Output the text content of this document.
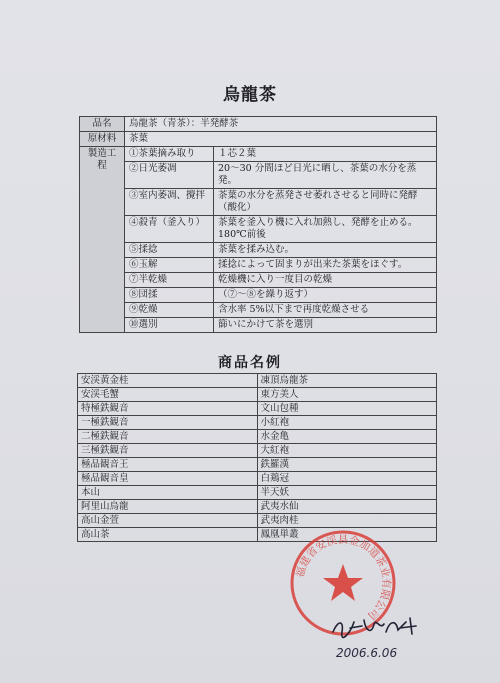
烏龍茶
品名	烏龍茶（青茶）：半発酵茶	
原材料	茶葉	
製造工程	①茶葉摘み取り	１芯２葉
	②日光萎凋	20～30 分間ほど日光に晒し、茶葉の水分を蒸発。
	③室内萎凋、攪拌	茶葉の水分を蒸発させ萎れさせると同時に発酵（酸化）
	④殺青（釜入り）	茶葉を釜入り機に入れ加熱し、発酵を止める。180℃前後
	⑤揉捻	茶葉を揉み込む。
	⑥玉解	揉捻によって固まりが出来た茶葉をほぐす。
	⑦半乾燥	乾燥機に入り一度目の乾燥
	⑧団揉	（⑦～⑧を繰り返す）
	⑨乾燥	含水率 5%以下まで再度乾燥させる
	⑩選別	篩いにかけて茶を選別
商品名例
安渓黄金桂	凍頂烏龍茶
安渓毛蟹	東方美人
特極鉄観音	文山包種
一極鉄観音	小紅袍
二極鉄観音	水金亀
三極鉄観音	大紅袍
極品観音王	鉄羅漢
極品観音皇	白鶏冠
本山	半天妖
阿里山烏龍	武夷水仙
高山金萱	武夷肉桂
高山茶	鳳凰単叢
福建省安渓县金加道茶业有限公司
2006.6.06
